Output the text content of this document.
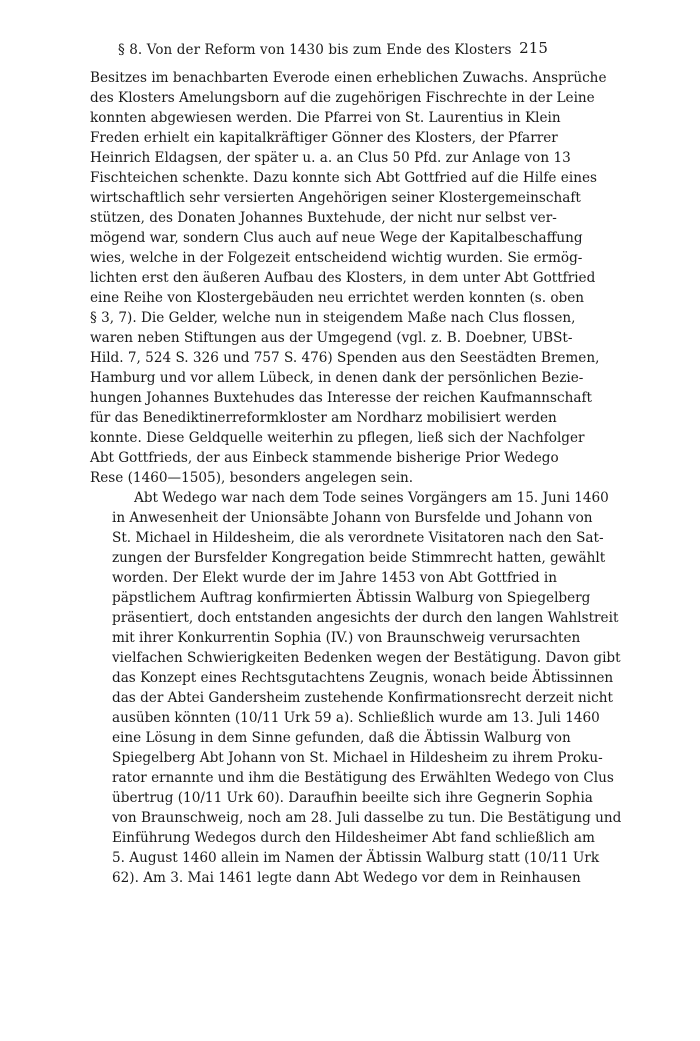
§ 8. Von der Reform von 1430 bis zum Ende des Klosters 215
Besitzes im benachbarten Everode einen erheblichen Zuwachs. Ansprüche
des Klosters Amelungsborn auf die zugehörigen Fischrechte in der Leine
konnten abgewiesen werden. Die Pfarrei von St. Laurentius in Klein
Freden erhielt ein kapitalkräftiger Gönner des Klosters, der Pfarrer
Heinrich Eldagsen, der später u. a. an Clus 50 Pfd. zur Anlage von 13
Fischteichen schenkte. Dazu konnte sich Abt Gottfried auf die Hilfe eines
wirtschaftlich sehr versierten Angehörigen seiner Klostergemeinschaft
stützen, des Donaten Johannes Buxtehude, der nicht nur selbst ver-
mögend war, sondern Clus auch auf neue Wege der Kapitalbeschaffung
wies, welche in der Folgezeit entscheidend wichtig wurden. Sie ermög-
lichten erst den äußeren Aufbau des Klosters, in dem unter Abt Gottfried
eine Reihe von Klostergebäuden neu errichtet werden konnten (s. oben
§ 3, 7). Die Gelder, welche nun in steigendem Maße nach Clus flossen,
waren neben Stiftungen aus der Umgegend (vgl. z. B. Doebner, UBSt-
Hild. 7, 524 S. 326 und 757 S. 476) Spenden aus den Seestädten Bremen,
Hamburg und vor allem Lübeck, in denen dank der persönlichen Bezie-
hungen Johannes Buxtehudes das Interesse der reichen Kaufmannschaft
für das Benediktinerreformkloster am Nordharz mobilisiert werden
konnte. Diese Geldquelle weiterhin zu pflegen, ließ sich der Nachfolger
Abt Gottfrieds, der aus Einbeck stammende bisherige Prior Wedego
Rese (1460—1505), besonders angelegen sein.
Abt Wedego war nach dem Tode seines Vorgängers am 15. Juni 1460
in Anwesenheit der Unionsäbte Johann von Bursfelde und Johann von
St. Michael in Hildesheim, die als verordnete Visitatoren nach den Sat-
zungen der Bursfelder Kongregation beide Stimmrecht hatten, gewählt
worden. Der Elekt wurde der im Jahre 1453 von Abt Gottfried in
päpstlichem Auftrag konfirmierten Äbtissin Walburg von Spiegelberg
präsentiert, doch entstanden angesichts der durch den langen Wahlstreit
mit ihrer Konkurrentin Sophia (IV.) von Braunschweig verursachten
vielfachen Schwierigkeiten Bedenken wegen der Bestätigung. Davon gibt
das Konzept eines Rechtsgutachtens Zeugnis, wonach beide Äbtissinnen
das der Abtei Gandersheim zustehende Konfirmationsrecht derzeit nicht
ausüben könnten (10/11 Urk 59 a). Schließlich wurde am 13. Juli 1460
eine Lösung in dem Sinne gefunden, daß die Äbtissin Walburg von
Spiegelberg Abt Johann von St. Michael in Hildesheim zu ihrem Proku-
rator ernannte und ihm die Bestätigung des Erwählten Wedego von Clus
übertrug (10/11 Urk 60). Daraufhin beeilte sich ihre Gegnerin Sophia
von Braunschweig, noch am 28. Juli dasselbe zu tun. Die Bestätigung und
Einführung Wedegos durch den Hildesheimer Abt fand schließlich am
5. August 1460 allein im Namen der Äbtissin Walburg statt (10/11 Urk
62). Am 3. Mai 1461 legte dann Abt Wedego vor dem in Reinhausen
